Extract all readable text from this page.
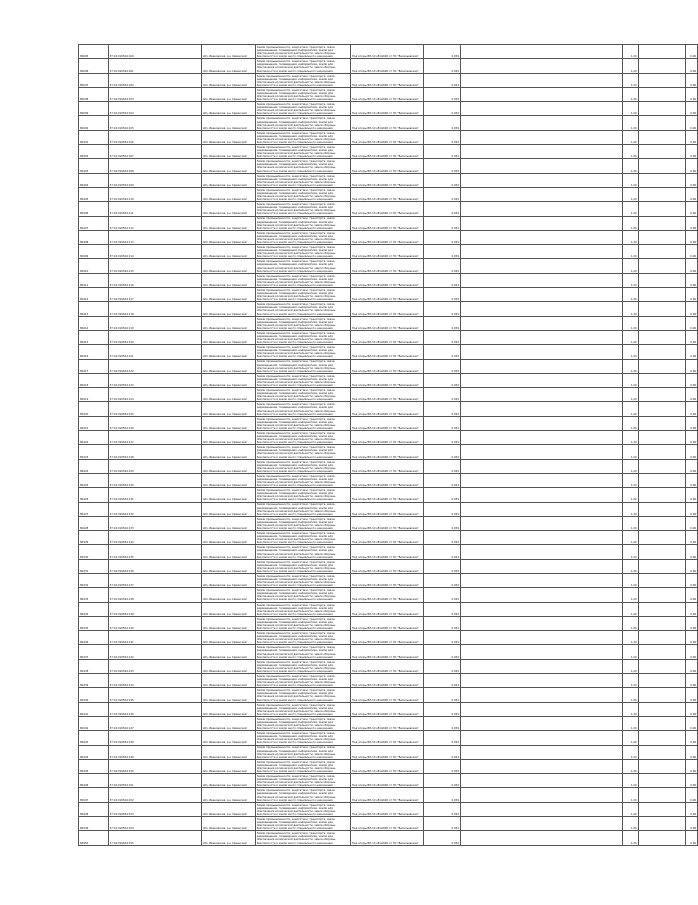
80095	37:16:010504:100	обл. Ивановская, р-н Савинский	Земли промышленности, энергетики, транспорта, связи, радиовещания, телевидения, информатики, земли для обеспечения космической деятельности, земли обороны, безопасности и земли иного специального назначения	Под опоры ВЛ-10 кВ №600 от ПС "Васильевская"	0,054		1,20		0,06
80096	37:16:010504:101	обл. Ивановская, р-н Савинский	Земли промышленности, энергетики, транспорта, связи, радиовещания, телевидения, информатики, земли для обеспечения космической деятельности, земли обороны, безопасности и земли иного специального назначения	Под опоры ВЛ-10 кВ №600 от ПС "Васильевская"	0,054		1,20		0,06
80097	37:16:010504:102	обл. Ивановская, р-н Савинский	Земли промышленности, энергетики, транспорта, связи, радиовещания, телевидения, информатики, земли для обеспечения космической деятельности, земли обороны, безопасности и земли иного специального назначения	Под опоры ВЛ-10 кВ №600 от ПС "Васильевская"	0,054		1,20		0,06
80098	37:16:010504:103	обл. Ивановская, р-н Савинский	Земли промышленности, энергетики, транспорта, связи, радиовещания, телевидения, информатики, земли для обеспечения космической деятельности, земли обороны, безопасности и земли иного специального назначения	Под опоры ВЛ-10 кВ №600 от ПС "Васильевская"	0,054		1,20		0,06
80099	37:16:010504:104	обл. Ивановская, р-н Савинский	Земли промышленности, энергетики, транспорта, связи, радиовещания, телевидения, информатики, земли для обеспечения космической деятельности, земли обороны, безопасности и земли иного специального назначения	Под опоры ВЛ-10 кВ №600 от ПС "Васильевская"	0,054		1,20		0,06
80400	37:16:010504:105	обл. Ивановская, р-н Савинский	Земли промышленности, энергетики, транспорта, связи, радиовещания, телевидения, информатики, земли для обеспечения космической деятельности, земли обороны, безопасности и земли иного специального назначения	Под опоры ВЛ-10 кВ №600 от ПС "Васильевская"	0,054		1,20		0,06
80401	37:16:010504:106	обл. Ивановская, р-н Савинский	Земли промышленности, энергетики, транспорта, связи, радиовещания, телевидения, информатики, земли для обеспечения космической деятельности, земли обороны, безопасности и земли иного специального назначения	Под опоры ВЛ-10 кВ №600 от ПС "Васильевская"	0,054		1,20		0,06
80402	37:16:010504:107	обл. Ивановская, р-н Савинский	Земли промышленности, энергетики, транспорта, связи, радиовещания, телевидения, информатики, земли для обеспечения космической деятельности, земли обороны, безопасности и земли иного специального назначения	Под опоры ВЛ-10 кВ №600 от ПС "Васильевская"	0,054		1,20		0,06
80403	37:16:010504:108	обл. Ивановская, р-н Савинский	Земли промышленности, энергетики, транспорта, связи, радиовещания, телевидения, информатики, земли для обеспечения космической деятельности, земли обороны, безопасности и земли иного специального назначения	Под опоры ВЛ-10 кВ №600 от ПС "Васильевская"	0,054		1,20		0,06
80404	37:16:010504:109	обл. Ивановская, р-н Савинский	Земли промышленности, энергетики, транспорта, связи, радиовещания, телевидения, информатики, земли для обеспечения космической деятельности, земли обороны, безопасности и земли иного специального назначения	Под опоры ВЛ-10 кВ №600 от ПС "Васильевская"	0,054		1,20		0,06
80405	37:16:010504:110	обл. Ивановская, р-н Савинский	Земли промышленности, энергетики, транспорта, связи, радиовещания, телевидения, информатики, земли для обеспечения космической деятельности, земли обороны, безопасности и земли иного специального назначения	Под опоры ВЛ-10 кВ №600 от ПС "Васильевская"	0,054		1,20		0,06
80406	37:16:010504:111	обл. Ивановская, р-н Савинский	Земли промышленности, энергетики, транспорта, связи, радиовещания, телевидения, информатики, земли для обеспечения космической деятельности, земли обороны, безопасности и земли иного специального назначения	Под опоры ВЛ-10 кВ №600 от ПС "Васильевская"	0,054		1,20		0,06
80407	37:16:010504:112	обл. Ивановская, р-н Савинский	Земли промышленности, энергетики, транспорта, связи, радиовещания, телевидения, информатики, земли для обеспечения космической деятельности, земли обороны, безопасности и земли иного специального назначения	Под опоры ВЛ-10 кВ №600 от ПС "Васильевская"	0,054		1,20		0,06
80408	37:16:010504:113	обл. Ивановская, р-н Савинский	Земли промышленности, энергетики, транспорта, связи, радиовещания, телевидения, информатики, земли для обеспечения космической деятельности, земли обороны, безопасности и земли иного специального назначения	Под опоры ВЛ-10 кВ №600 от ПС "Васильевская"	0,054		1,20		0,06
80409	37:16:010504:114	обл. Ивановская, р-н Савинский	Земли промышленности, энергетики, транспорта, связи, радиовещания, телевидения, информатики, земли для обеспечения космической деятельности, земли обороны, безопасности и земли иного специального назначения	Под опоры ВЛ-10 кВ №600 от ПС "Васильевская"	0,054		1,20		0,06
80410	37:16:010504:115	обл. Ивановская, р-н Савинский	Земли промышленности, энергетики, транспорта, связи, радиовещания, телевидения, информатики, земли для обеспечения космической деятельности, земли обороны, безопасности и земли иного специального назначения	Под опоры ВЛ-10 кВ №600 от ПС "Васильевская"	0,054		1,20		0,06
80411	37:16:010504:116	обл. Ивановская, р-н Савинский	Земли промышленности, энергетики, транспорта, связи, радиовещания, телевидения, информатики, земли для обеспечения космической деятельности, земли обороны, безопасности и земли иного специального назначения	Под опоры ВЛ-10 кВ №600 от ПС "Васильевская"	0,054		1,20		0,06
80412	37:16:010504:117	обл. Ивановская, р-н Савинский	Земли промышленности, энергетики, транспорта, связи, радиовещания, телевидения, информатики, земли для обеспечения космической деятельности, земли обороны, безопасности и земли иного специального назначения	Под опоры ВЛ-10 кВ №600 от ПС "Васильевская"	0,054		1,20		0,06
80413	37:16:010504:118	обл. Ивановская, р-н Савинский	Земли промышленности, энергетики, транспорта, связи, радиовещания, телевидения, информатики, земли для обеспечения космической деятельности, земли обороны, безопасности и земли иного специального назначения	Под опоры ВЛ-10 кВ №600 от ПС "Васильевская"	0,054		1,20		0,06
80414	37:16:010504:119	обл. Ивановская, р-н Савинский	Земли промышленности, энергетики, транспорта, связи, радиовещания, телевидения, информатики, земли для обеспечения космической деятельности, земли обороны, безопасности и земли иного специального назначения	Под опоры ВЛ-10 кВ №600 от ПС "Васильевская"	0,054		1,20		0,06
80415	37:16:010504:120	обл. Ивановская, р-н Савинский	Земли промышленности, энергетики, транспорта, связи, радиовещания, телевидения, информатики, земли для обеспечения космической деятельности, земли обороны, безопасности и земли иного специального назначения	Под опоры ВЛ-10 кВ №600 от ПС "Васильевская"	0,054		1,20		0,06
80416	37:16:010504:121	обл. Ивановская, р-н Савинский	Земли промышленности, энергетики, транспорта, связи, радиовещания, телевидения, информатики, земли для обеспечения космической деятельности, земли обороны, безопасности и земли иного специального назначения	Под опоры ВЛ-10 кВ №600 от ПС "Васильевская"	0,054		1,20		0,06
80417	37:16:010504:122	обл. Ивановская, р-н Савинский	Земли промышленности, энергетики, транспорта, связи, радиовещания, телевидения, информатики, земли для обеспечения космической деятельности, земли обороны, безопасности и земли иного специального назначения	Под опоры ВЛ-10 кВ №600 от ПС "Васильевская"	0,054		1,20		0,06
80418	37:16:010504:123	обл. Ивановская, р-н Савинский	Земли промышленности, энергетики, транспорта, связи, радиовещания, телевидения, информатики, земли для обеспечения космической деятельности, земли обороны, безопасности и земли иного специального назначения	Под опоры ВЛ-10 кВ №600 от ПС "Васильевская"	0,054		1,20		0,06
80419	37:16:010504:124	обл. Ивановская, р-н Савинский	Земли промышленности, энергетики, транспорта, связи, радиовещания, телевидения, информатики, земли для обеспечения космической деятельности, земли обороны, безопасности и земли иного специального назначения	Под опоры ВЛ-10 кВ №600 от ПС "Васильевская"	0,054		1,20		0,06
80420	37:16:010504:125	обл. Ивановская, р-н Савинский	Земли промышленности, энергетики, транспорта, связи, радиовещания, телевидения, информатики, земли для обеспечения космической деятельности, земли обороны, безопасности и земли иного специального назначения	Под опоры ВЛ-10 кВ №600 от ПС "Васильевская"	0,054		1,20		0,06
80421	37:16:010504:126	обл. Ивановская, р-н Савинский	Земли промышленности, энергетики, транспорта, связи, радиовещания, телевидения, информатики, земли для обеспечения космической деятельности, земли обороны, безопасности и земли иного специального назначения	Под опоры ВЛ-10 кВ №600 от ПС "Васильевская"	0,054		1,20		0,06
80422	37:16:010504:127	обл. Ивановская, р-н Савинский	Земли промышленности, энергетики, транспорта, связи, радиовещания, телевидения, информатики, земли для обеспечения космической деятельности, земли обороны, безопасности и земли иного специального назначения	Под опоры ВЛ-10 кВ №600 от ПС "Васильевская"	0,054		1,20		0,06
80423	37:16:010504:128	обл. Ивановская, р-н Савинский	Земли промышленности, энергетики, транспорта, связи, радиовещания, телевидения, информатики, земли для обеспечения космической деятельности, земли обороны, безопасности и земли иного специального назначения	Под опоры ВЛ-10 кВ №600 от ПС "Васильевская"	0,054		1,20		0,06
80424	37:16:010504:129	обл. Ивановская, р-н Савинский	Земли промышленности, энергетики, транспорта, связи, радиовещания, телевидения, информатики, земли для обеспечения космической деятельности, земли обороны, безопасности и земли иного специального назначения	Под опоры ВЛ-10 кВ №600 от ПС "Васильевская"	0,054		1,20		0,06
80425	37:16:010504:130	обл. Ивановская, р-н Савинский	Земли промышленности, энергетики, транспорта, связи, радиовещания, телевидения, информатики, земли для обеспечения космической деятельности, земли обороны, безопасности и земли иного специального назначения	Под опоры ВЛ-10 кВ №600 от ПС "Васильевская"	0,054		1,20		0,06
80426	37:16:010504:131	обл. Ивановская, р-н Савинский	Земли промышленности, энергетики, транспорта, связи, радиовещания, телевидения, информатики, земли для обеспечения космической деятельности, земли обороны, безопасности и земли иного специального назначения	Под опоры ВЛ-10 кВ №600 от ПС "Васильевская"	0,054		1,20		0,06
80427	37:16:010504:132	обл. Ивановская, р-н Савинский	Земли промышленности, энергетики, транспорта, связи, радиовещания, телевидения, информатики, земли для обеспечения космической деятельности, земли обороны, безопасности и земли иного специального назначения	Под опоры ВЛ-10 кВ №600 от ПС "Васильевская"	0,054		1,20		0,06
80428	37:16:010504:133	обл. Ивановская, р-н Савинский	Земли промышленности, энергетики, транспорта, связи, радиовещания, телевидения, информатики, земли для обеспечения космической деятельности, земли обороны, безопасности и земли иного специального назначения	Под опоры ВЛ-10 кВ №600 от ПС "Васильевская"	0,054		1,20		0,06
80429	37:16:010504:134	обл. Ивановская, р-н Савинский	Земли промышленности, энергетики, транспорта, связи, радиовещания, телевидения, информатики, земли для обеспечения космической деятельности, земли обороны, безопасности и земли иного специального назначения	Под опоры ВЛ-10 кВ №600 от ПС "Васильевская"	0,054		1,20		0,06
80430	37:16:010504:135	обл. Ивановская, р-н Савинский	Земли промышленности, энергетики, транспорта, связи, радиовещания, телевидения, информатики, земли для обеспечения космической деятельности, земли обороны, безопасности и земли иного специального назначения	Под опоры ВЛ-10 кВ №600 от ПС "Васильевская"	0,054		1,20		0,06
80431	37:16:010504:136	обл. Ивановская, р-н Савинский	Земли промышленности, энергетики, транспорта, связи, радиовещания, телевидения, информатики, земли для обеспечения космической деятельности, земли обороны, безопасности и земли иного специального назначения	Под опоры ВЛ-10 кВ №600 от ПС "Васильевская"	0,054		1,20		0,06
80432	37:16:010504:137	обл. Ивановская, р-н Савинский	Земли промышленности, энергетики, транспорта, связи, радиовещания, телевидения, информатики, земли для обеспечения космической деятельности, земли обороны, безопасности и земли иного специального назначения	Под опоры ВЛ-10 кВ №600 от ПС "Васильевская"	0,054		1,20		0,06
80433	37:16:010504:138	обл. Ивановская, р-н Савинский	Земли промышленности, энергетики, транспорта, связи, радиовещания, телевидения, информатики, земли для обеспечения космической деятельности, земли обороны, безопасности и земли иного специального назначения	Под опоры ВЛ-10 кВ №600 от ПС "Васильевская"	0,054		1,20		0,06
80434	37:16:010504:139	обл. Ивановская, р-н Савинский	Земли промышленности, энергетики, транспорта, связи, радиовещания, телевидения, информатики, земли для обеспечения космической деятельности, земли обороны, безопасности и земли иного специального назначения	Под опоры ВЛ-10 кВ №600 от ПС "Васильевская"	0,054		1,20		0,06
80435	37:16:010504:140	обл. Ивановская, р-н Савинский	Земли промышленности, энергетики, транспорта, связи, радиовещания, телевидения, информатики, земли для обеспечения космической деятельности, земли обороны, безопасности и земли иного специального назначения	Под опоры ВЛ-10 кВ №600 от ПС "Васильевская"	0,054		1,20		0,06
80436	37:16:010504:141	обл. Ивановская, р-н Савинский	Земли промышленности, энергетики, транспорта, связи, радиовещания, телевидения, информатики, земли для обеспечения космической деятельности, земли обороны, безопасности и земли иного специального назначения	Под опоры ВЛ-10 кВ №600 от ПС "Васильевская"	0,054		1,20		0,06
80437	37:16:010504:142	обл. Ивановская, р-н Савинский	Земли промышленности, энергетики, транспорта, связи, радиовещания, телевидения, информатики, земли для обеспечения космической деятельности, земли обороны, безопасности и земли иного специального назначения	Под опоры ВЛ-10 кВ №600 от ПС "Васильевская"	0,054		1,20		0,06
80438	37:16:010504:143	обл. Ивановская, р-н Савинский	Земли промышленности, энергетики, транспорта, связи, радиовещания, телевидения, информатики, земли для обеспечения космической деятельности, земли обороны, безопасности и земли иного специального назначения	Под опоры ВЛ-10 кВ №600 от ПС "Васильевская"	0,054		1,20		0,06
80439	37:16:010504:144	обл. Ивановская, р-н Савинский	Земли промышленности, энергетики, транспорта, связи, радиовещания, телевидения, информатики, земли для обеспечения космической деятельности, земли обороны, безопасности и земли иного специального назначения	Под опоры ВЛ-10 кВ №600 от ПС "Васильевская"	0,054		1,20		0,06
80440	37:16:010504:145	обл. Ивановская, р-н Савинский	Земли промышленности, энергетики, транспорта, связи, радиовещания, телевидения, информатики, земли для обеспечения космической деятельности, земли обороны, безопасности и земли иного специального назначения	Под опоры ВЛ-10 кВ №600 от ПС "Васильевская"	0,054		1,20		0,06
80441	37:16:010504:146	обл. Ивановская, р-н Савинский	Земли промышленности, энергетики, транспорта, связи, радиовещания, телевидения, информатики, земли для обеспечения космической деятельности, земли обороны, безопасности и земли иного специального назначения	Под опоры ВЛ-10 кВ №600 от ПС "Васильевская"	0,054		1,20		0,06
80442	37:16:010504:147	обл. Ивановская, р-н Савинский	Земли промышленности, энергетики, транспорта, связи, радиовещания, телевидения, информатики, земли для обеспечения космической деятельности, земли обороны, безопасности и земли иного специального назначения	Под опоры ВЛ-10 кВ №600 от ПС "Васильевская"	0,054		1,20		0,06
80443	37:16:010504:148	обл. Ивановская, р-н Савинский	Земли промышленности, энергетики, транспорта, связи, радиовещания, телевидения, информатики, земли для обеспечения космической деятельности, земли обороны, безопасности и земли иного специального назначения	Под опоры ВЛ-10 кВ №600 от ПС "Васильевская"	0,054		1,20		0,06
80444	37:16:010504:149	обл. Ивановская, р-н Савинский	Земли промышленности, энергетики, транспорта, связи, радиовещания, телевидения, информатики, земли для обеспечения космической деятельности, земли обороны, безопасности и земли иного специального назначения	Под опоры ВЛ-10 кВ №600 от ПС "Васильевская"	0,054		1,20		0,06
80445	37:16:010504:150	обл. Ивановская, р-н Савинский	Земли промышленности, энергетики, транспорта, связи, радиовещания, телевидения, информатики, земли для обеспечения космической деятельности, земли обороны, безопасности и земли иного специального назначения	Под опоры ВЛ-10 кВ №600 от ПС "Васильевская"	0,054		1,20		0,06
80446	37:16:010504:151	обл. Ивановская, р-н Савинский	Земли промышленности, энергетики, транспорта, связи, радиовещания, телевидения, информатики, земли для обеспечения космической деятельности, земли обороны, безопасности и земли иного специального назначения	Под опоры ВЛ-10 кВ №600 от ПС "Васильевская"	0,054		1,20		0,06
80447	37:16:010504:152	обл. Ивановская, р-н Савинский	Земли промышленности, энергетики, транспорта, связи, радиовещания, телевидения, информатики, земли для обеспечения космической деятельности, земли обороны, безопасности и земли иного специального назначения	Под опоры ВЛ-10 кВ №600 от ПС "Васильевская"	0,054		1,20		0,06
80448	37:16:010504:153	обл. Ивановская, р-н Савинский	Земли промышленности, энергетики, транспорта, связи, радиовещания, телевидения, информатики, земли для обеспечения космической деятельности, земли обороны, безопасности и земли иного специального назначения	Под опоры ВЛ-10 кВ №600 от ПС "Васильевская"	0,054		1,20		0,06
80449	37:16:010504:154	обл. Ивановская, р-н Савинский	Земли промышленности, энергетики, транспорта, связи, радиовещания, телевидения, информатики, земли для обеспечения космической деятельности, земли обороны, безопасности и земли иного специального назначения	Под опоры ВЛ-10 кВ №600 от ПС "Васильевская"	0,054		1,20		0,06
80450	37:16:010504:155	обл. Ивановская, р-н Савинский	Земли промышленности, энергетики, транспорта, связи, радиовещания, телевидения, информатики, земли для обеспечения космической деятельности, земли обороны, безопасности и земли иного специального назначения	Под опоры ВЛ-10 кВ №600 от ПС "Васильевская"	0,054		1,20		0,06
